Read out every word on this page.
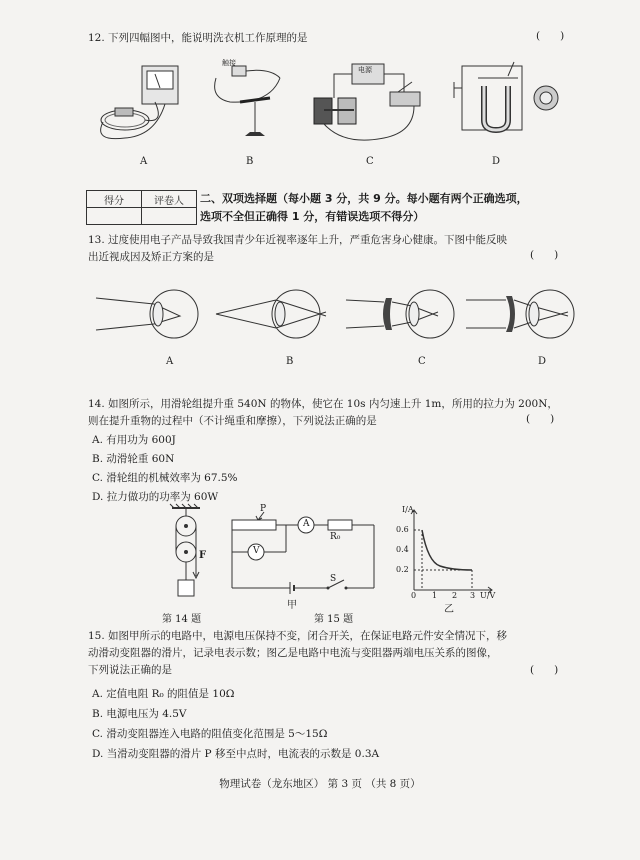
12. 下列四幅图中，能说明洗衣机工作原理的是	(      )
A
触接
B
电源
C	D
得分	评卷人
	二、双项选择题（每小题 3 分，共 9 分。每小题有两个正确选项，
选项不全但正确得 1 分，有错误选项不得分）
13. 过度使用电子产品导致我国青少年近视率逐年上升，严重危害身心健康。下图中能反映
出近视成因及矫正方案的是	(      )
A	B	C	D
14. 如图所示，用滑轮组提升重 540N 的物体，使它在 10s 内匀速上升 1m，所用的拉力为 200N，
则在提升重物的过程中（不计绳重和摩擦），下列说法正确的是	(      )
A. 有用功为 600J
B. 动滑轮重 60N
C. 滑轮组的机械效率为 67.5%
D. 拉力做功的功率为 60W
F
第 14 题
P
A
R₀
V
S
甲
I/A
0.6
0.4
0.2
0 1 2 3 U/V
乙
第 15 题
15. 如图甲所示的电路中，电源电压保持不变，闭合开关，在保证电路元件安全情况下，移
动滑动变阻器的滑片，记录电表示数；图乙是电路中电流与变阻器两端电压关系的图像，
下列说法正确的是	(      )
A. 定值电阻 R₀ 的阻值是 10Ω
B. 电源电压为 4.5V
C. 滑动变阻器连入电路的阻值变化范围是 5～15Ω
D. 当滑动变阻器的滑片 P 移至中点时，电流表的示数是 0.3A
物理试卷（龙东地区） 第 3 页 （共 8 页）
